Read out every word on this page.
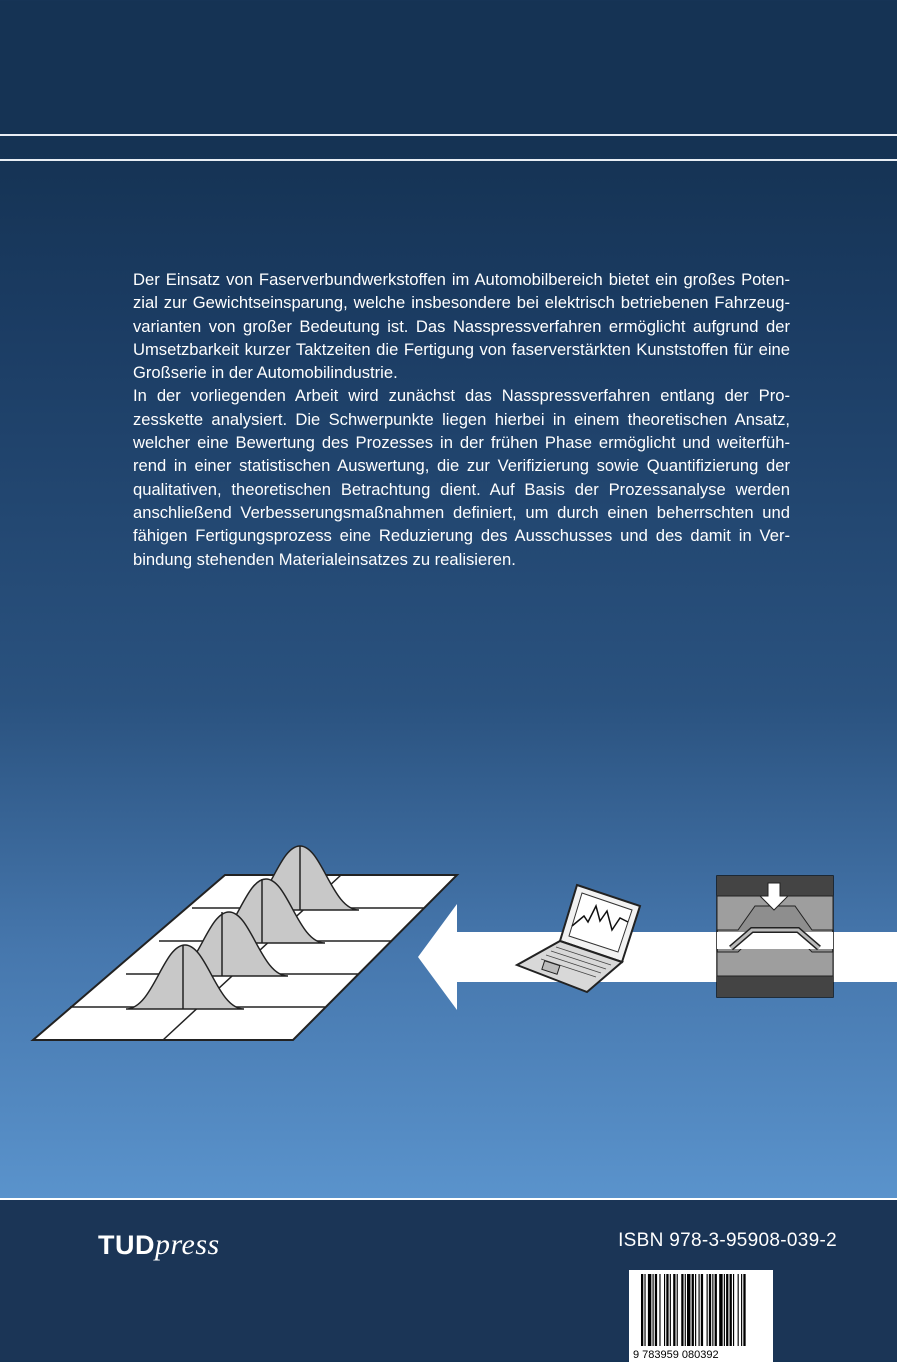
Der Einsatz von Faserverbundwerkstoffen im Automobilbereich bietet ein großes Potenzial zur Gewichtseinsparung, welche insbesondere bei elektrisch betriebenen Fahrzeugvarianten von großer Bedeutung ist. Das Nasspressverfahren ermöglicht aufgrund der Umsetzbarkeit kurzer Taktzeiten die Fertigung von faserverstärkten Kunststoffen für eine Großserie in der Automobilindustrie.

In der vorliegenden Arbeit wird zunächst das Nasspressverfahren entlang der Prozesskette analysiert. Die Schwerpunkte liegen hierbei in einem theoretischen Ansatz, welcher eine Bewertung des Prozesses in der frühen Phase ermöglicht und weiterführend in einer statistischen Auswertung, die zur Verifizierung sowie Quantifizierung der qualitativen, theoretischen Betrachtung dient. Auf Basis der Prozessanalyse werden anschließend Verbesserungsmaßnahmen definiert, um durch einen beherrschten und fähigen Fertigungsprozess eine Reduzierung des Ausschusses und des damit in Verbindung stehenden Materialeinsatzes zu realisieren.

TUDpress	ISBN 978-3-95908-039-2
9 783959 080392
